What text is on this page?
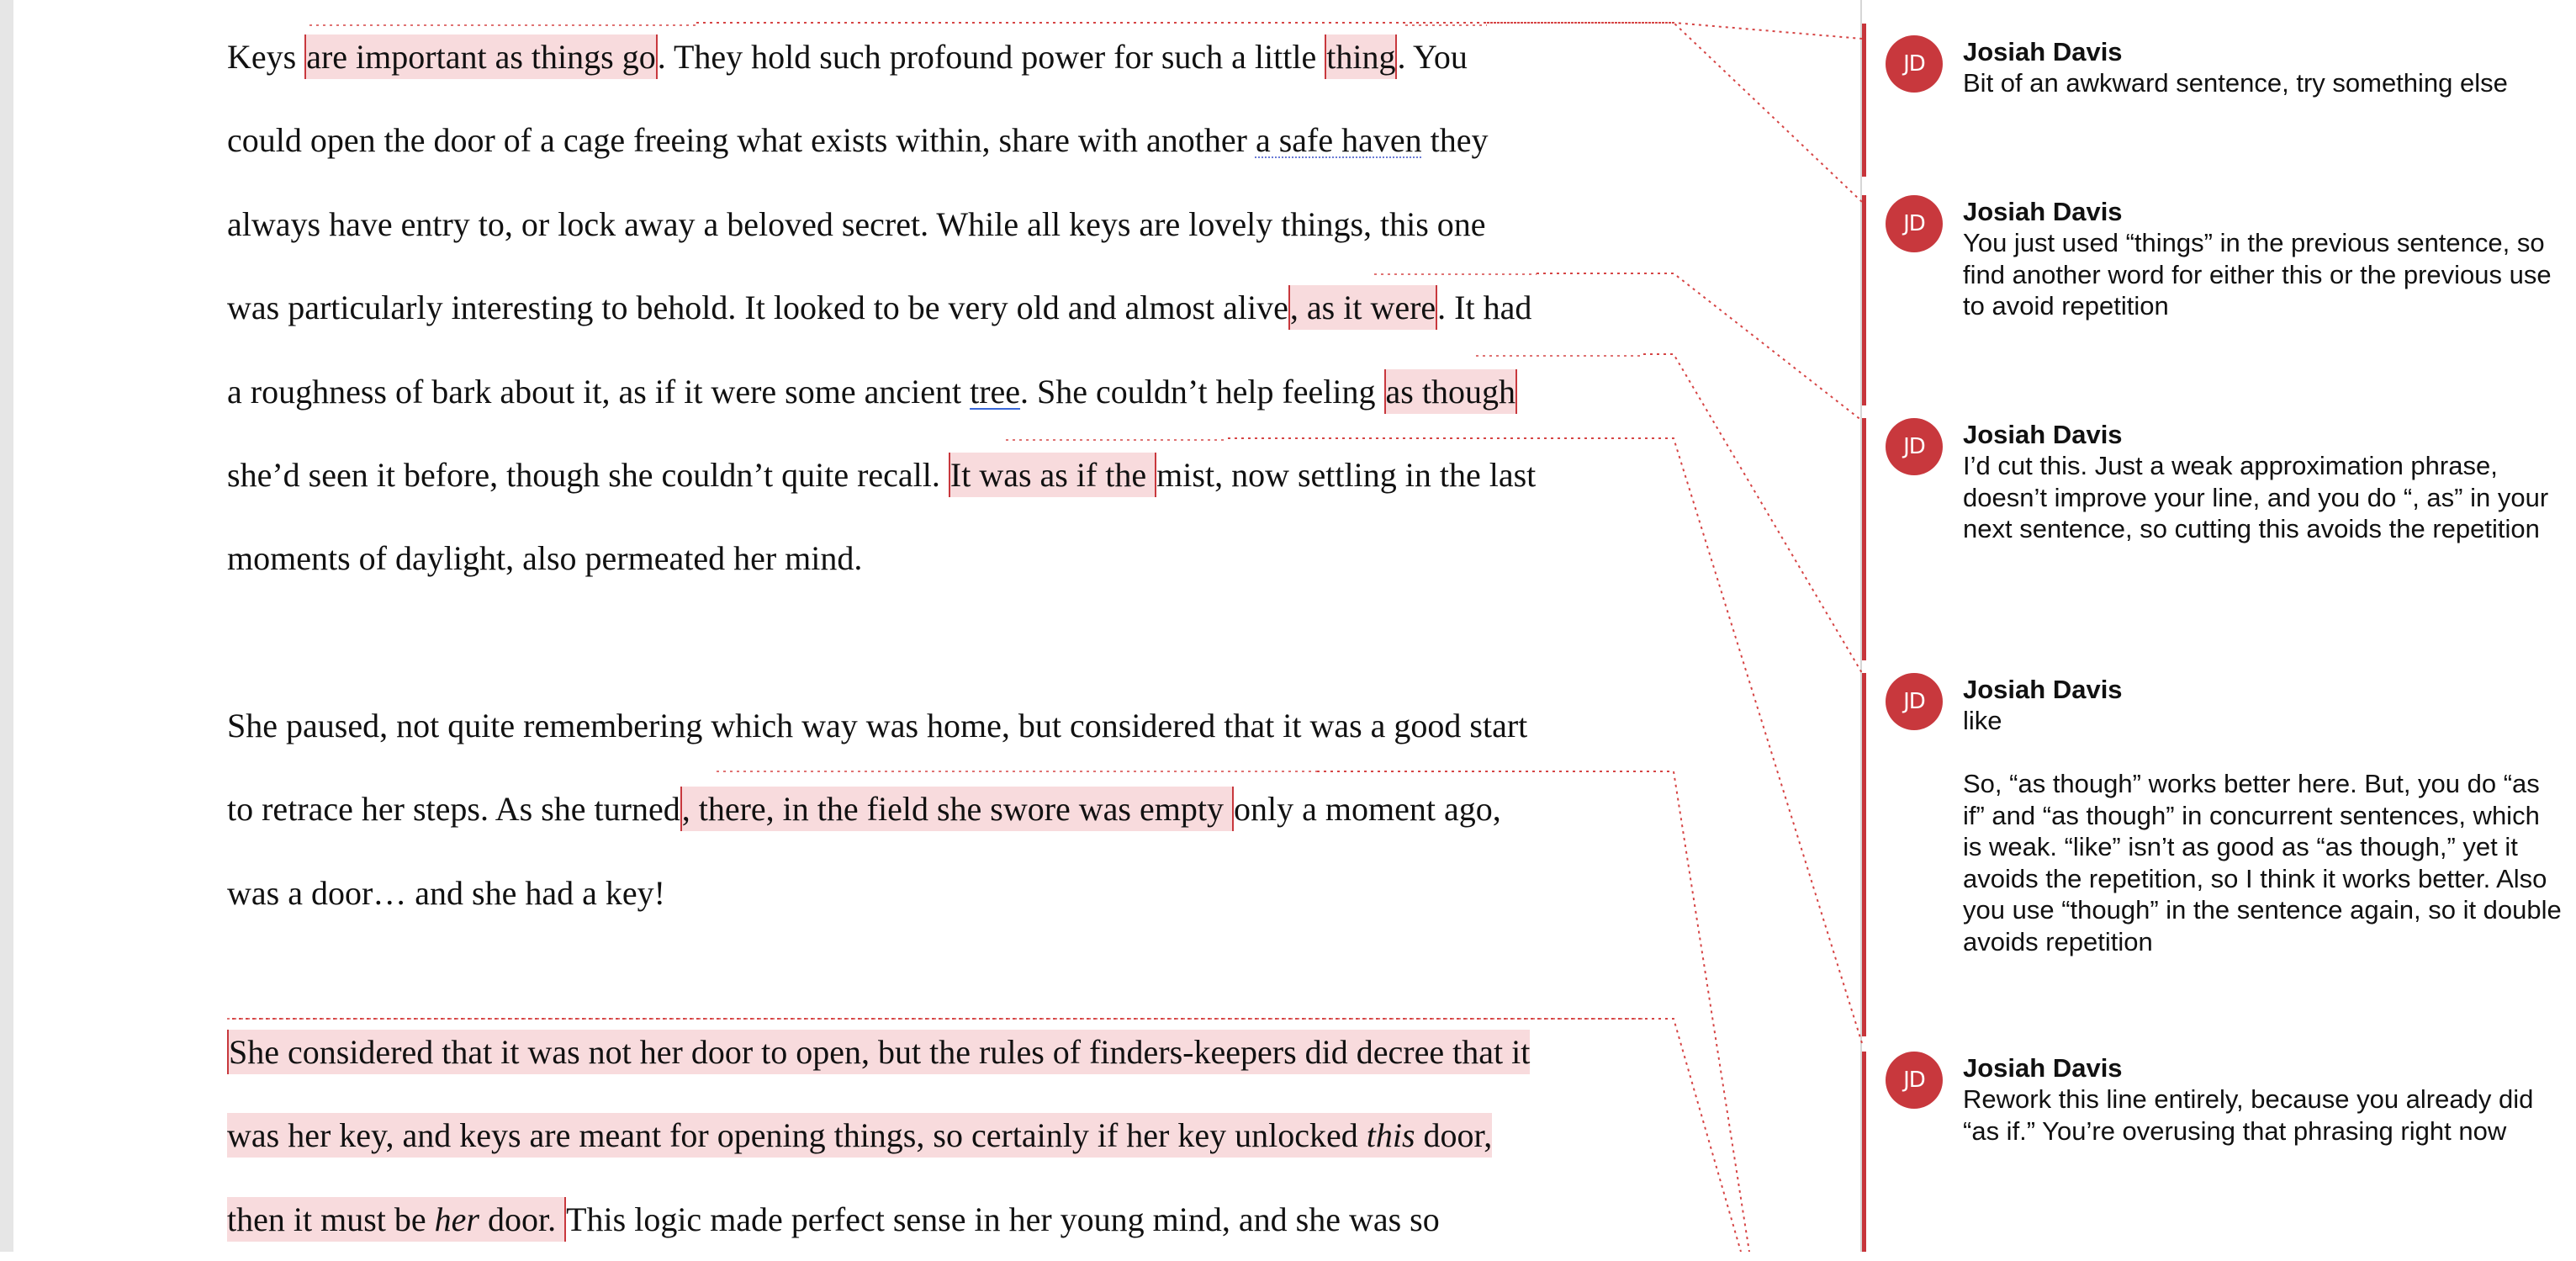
Keys are important as things go. They hold such profound power for such a little thing. You
could open the door of a cage freeing what exists within, share with another a safe haven they
always have entry to, or lock away a beloved secret. While all keys are lovely things, this one
was particularly interesting to behold. It looked to be very old and almost alive, as it were. It had
a roughness of bark about it, as if it were some ancient tree. She couldn’t help feeling as though
she’d seen it before, though she couldn’t quite recall. It was as if the mist, now settling in the last
moments of daylight, also permeated her mind.
She paused, not quite remembering which way was home, but considered that it was a good start
to retrace her steps. As she turned, there, in the field she swore was empty only a moment ago,
was a door… and she had a key!
She considered that it was not her door to open, but the rules of finders-keepers did decree that it
was her key, and keys are meant for opening things, so certainly if her key unlocked this door,
then it must be her door. This logic made perfect sense in her young mind, and she was so
JD	Josiah Davis

Bit of an awkward sentence, try something else

JD	Josiah Davis

You just used “things” in the previous sentence, so find another word for either this or the previous use to avoid repetition

JD	Josiah Davis

I’d cut this. Just a weak approximation phrase, doesn’t improve your line, and you do “, as” in your next sentence, so cutting this avoids the repetition

JD	Josiah Davis

like

So, “as though” works better here. But, you do “as if” and “as though” in concurrent sentences, which is weak. “like” isn’t as good as “as though,” yet it avoids the repetition, so I think it works better. Also you use “though” in the sentence again, so it double avoids repetition

JD	Josiah Davis

Rework this line entirely, because you already did “as if.” You’re overusing that phrasing right now
